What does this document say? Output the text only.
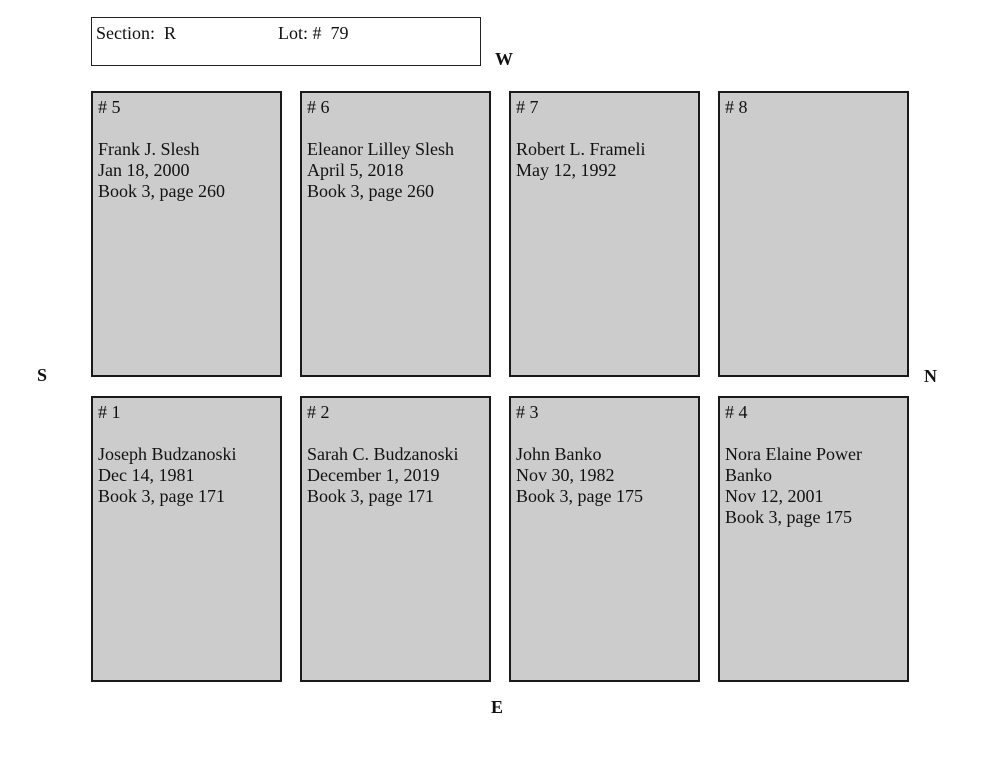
Section:  R	Lot: #  79
W
S	N
E
# 5
Frank J. Slesh
Jan 18, 2000
Book 3, page 260
# 6
Eleanor Lilley Slesh
April 5, 2018
Book 3, page 260
# 7
Robert L. Frameli
May 12, 1992
# 8
# 1
Joseph Budzanoski
Dec 14, 1981
Book 3, page 171
# 2
Sarah C. Budzanoski
December 1, 2019
Book 3, page 171
# 3
John Banko
Nov 30, 1982
Book 3, page 175
# 4
Nora Elaine Power
Banko
Nov 12, 2001
Book 3, page 175
